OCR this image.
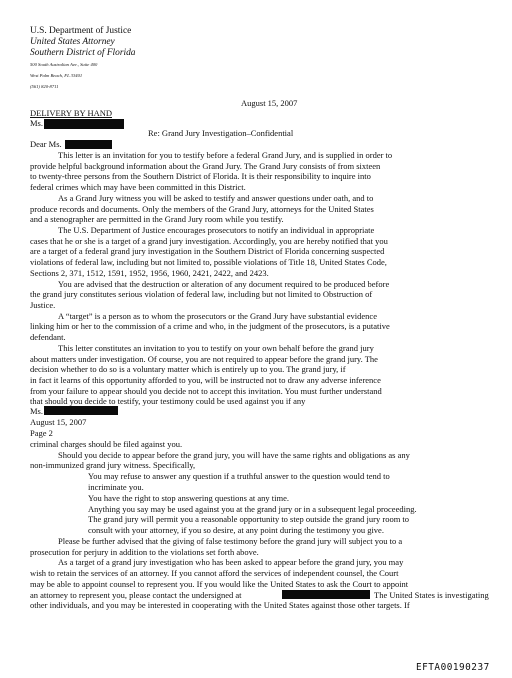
U.S. Department of Justice
United States Attorney
Southern District of Florida
500 South Australian Ave., Suite 400
West Palm Beach, FL 33401
(561) 820-8711
August 15, 2007
DELIVERY BY HAND
Ms.
Re: Grand Jury Investigation–Confidential
Dear Ms.
This letter is an invitation for you to testify before a federal Grand Jury, and is supplied in order to
provide helpful background information about the Grand Jury. The Grand Jury consists of from sixteen
to twenty-three persons from the Southern District of Florida. It is their responsibility to inquire into
federal crimes which may have been committed in this District.
As a Grand Jury witness you will be asked to testify and answer questions under oath, and to
produce records and documents. Only the members of the Grand Jury, attorneys for the United States
and a stenographer are permitted in the Grand Jury room while you testify.
The U.S. Department of Justice encourages prosecutors to notify an individual in appropriate
cases that he or she is a target of a grand jury investigation. Accordingly, you are hereby notified that you
are a target of a federal grand jury investigation in the Southern District of Florida concerning suspected
violations of federal law, including but not limited to, possible violations of Title 18, United States Code,
Sections 2, 371, 1512, 1591, 1952, 1956, 1960, 2421, 2422, and 2423.
You are advised that the destruction or alteration of any document required to be produced before
the grand jury constitutes serious violation of federal law, including but not limited to Obstruction of
Justice.
A “target” is a person as to whom the prosecutors or the Grand Jury have substantial evidence
linking him or her to the commission of a crime and who, in the judgment of the prosecutors, is a putative
defendant.
This letter constitutes an invitation to you to testify on your own behalf before the grand jury
about matters under investigation. Of course, you are not required to appear before the grand jury. The
decision whether to do so is a voluntary matter which is entirely up to you. The grand jury, if
in fact it learns of this opportunity afforded to you, will be instructed not to draw any adverse inference
from your failure to appear should you decide not to accept this invitation. You must further understand
that should you decide to testify, your testimony could be used against you if any
Ms.
August 15, 2007
Page 2
criminal charges should be filed against you.
Should you decide to appear before the grand jury, you will have the same rights and obligations as any
non-immunized grand jury witness. Specifically,
You may refuse to answer any question if a truthful answer to the question would tend to
incriminate you.
You have the right to stop answering questions at any time.
Anything you say may be used against you at the grand jury or in a subsequent legal proceeding.
The grand jury will permit you a reasonable opportunity to step outside the grand jury room to
consult with your attorney, if you so desire, at any point during the testimony you give.
Please be further advised that the giving of false testimony before the grand jury will subject you to a
prosecution for perjury in addition to the violations set forth above.
As a target of a grand jury investigation who has been asked to appear before the grand jury, you may
wish to retain the services of an attorney. If you cannot afford the services of independent counsel, the Court
may be able to appoint counsel to represent you. If you would like the United States to ask the Court to appoint
an attorney to represent you, please contact the undersigned at	The United States is investigating
other individuals, and you may be interested in cooperating with the United States against those other targets. If
EFTA00190237
